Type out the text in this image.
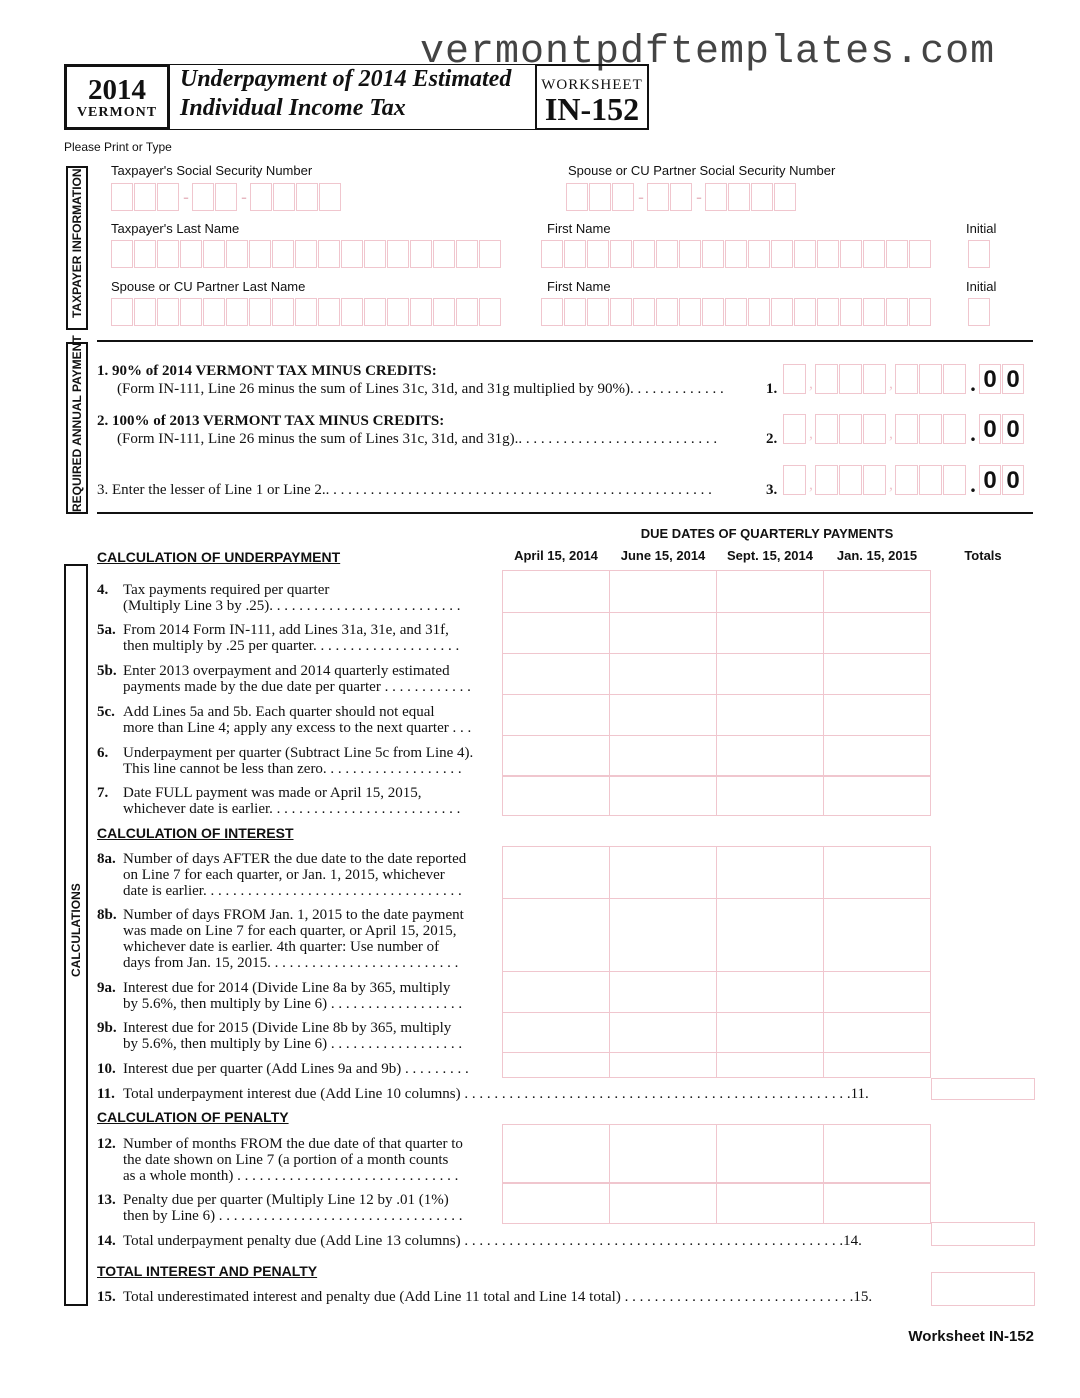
vermontpdftemplates.com
2014
VERMONT
Underpayment of 2014 Estimated
Individual Income Tax
WORKSHEET
IN-152
Please Print or Type
TAXPAYER INFORMATION Taxpayer's Social Security Number
-	-
Spouse or CU Partner Social Security Number
-	-
Taxpayer's Last Name	First Name	Initial
Spouse or CU Partner Last Name	First Name	Initial
REQUIRED ANNUAL PAYMENT 1. 90% of 2014 VERMONT TAX MINUS CREDITS:
(Form IN-111, Line 26 minus the sum of Lines 31c, 31d, and 31g multiplied by 90%). . . . . . . . . . . . .	1. ,	,	. 0 0
2. 100% of 2013 VERMONT TAX MINUS CREDITS:
(Form IN-111, Line 26 minus the sum of Lines 31c, 31d, and 31g).. . . . . . . . . . . . . . . . . . . . . . . . . . .	2. ,	,	. 0 0
3. Enter the lesser of Line 1 or Line 2.. . . . . . . . . . . . . . . . . . . . . . . . . . . . . . . . . . . . . . . . . . . . . . . . . . . .	3. ,	,	. 0 0
CALCULATIONS
DUE DATES OF QUARTERLY PAYMENTS
CALCULATION OF UNDERPAYMENT	April 15, 2014	June 15, 2014	Sept. 15, 2014	Jan. 15, 2015	Totals
4. Tax payments required per quarter
(Multiply Line 3 by .25). . . . . . . . . . . . . . . . . . . . . . . . . .
5a. From 2014 Form IN-111, add Lines 31a, 31e, and 31f,
then multiply by .25 per quarter. . . . . . . . . . . . . . . . . . . .
5b. Enter 2013 overpayment and 2014 quarterly estimated
payments made by the due date per quarter . . . . . . . . . . . .
5c. Add Lines 5a and 5b. Each quarter should not equal
more than Line 4; apply any excess to the next quarter . . .
6. Underpayment per quarter (Subtract Line 5c from Line 4).
This line cannot be less than zero. . . . . . . . . . . . . . . . . . .
7. Date FULL payment was made or April 15, 2015,
whichever date is earlier. . . . . . . . . . . . . . . . . . . . . . . . . .
CALCULATION OF INTEREST
8a. Number of days AFTER the due date to the date reported
on Line 7 for each quarter, or Jan. 1, 2015, whichever
date is earlier. . . . . . . . . . . . . . . . . . . . . . . . . . . . . . . . . . .
8b. Number of days FROM Jan. 1, 2015 to the date payment
was made on Line 7 for each quarter, or April 15, 2015,
whichever date is earlier. 4th quarter: Use number of
days from Jan. 15, 2015. . . . . . . . . . . . . . . . . . . . . . . . . .
9a. Interest due for 2014 (Divide Line 8a by 365, multiply
by 5.6%, then multiply by Line 6) . . . . . . . . . . . . . . . . . .
9b. Interest due for 2015 (Divide Line 8b by 365, multiply
by 5.6%, then multiply by Line 6) . . . . . . . . . . . . . . . . . .
10. Interest due per quarter (Add Lines 9a and 9b) . . . . . . . . .
11. Total underpayment interest due (Add Line 10 columns) . . . . . . . . . . . . . . . . . . . . . . . . . . . . . . . . . . . . . . . . . . . . . . . . . . . .11.
CALCULATION OF PENALTY
12. Number of months FROM the due date of that quarter to
the date shown on Line 7 (a portion of a month counts
as a whole month) . . . . . . . . . . . . . . . . . . . . . . . . . . . . . .
13. Penalty due per quarter (Multiply Line 12 by .01 (1%)
then by Line 6) . . . . . . . . . . . . . . . . . . . . . . . . . . . . . . . . .
14. Total underpayment penalty due (Add Line 13 columns) . . . . . . . . . . . . . . . . . . . . . . . . . . . . . . . . . . . . . . . . . . . . . . . . . . .14.
TOTAL INTEREST AND PENALTY
15. Total underestimated interest and penalty due (Add Line 11 total and Line 14 total) . . . . . . . . . . . . . . . . . . . . . . . . . . . . . . .15.
Worksheet IN-152
